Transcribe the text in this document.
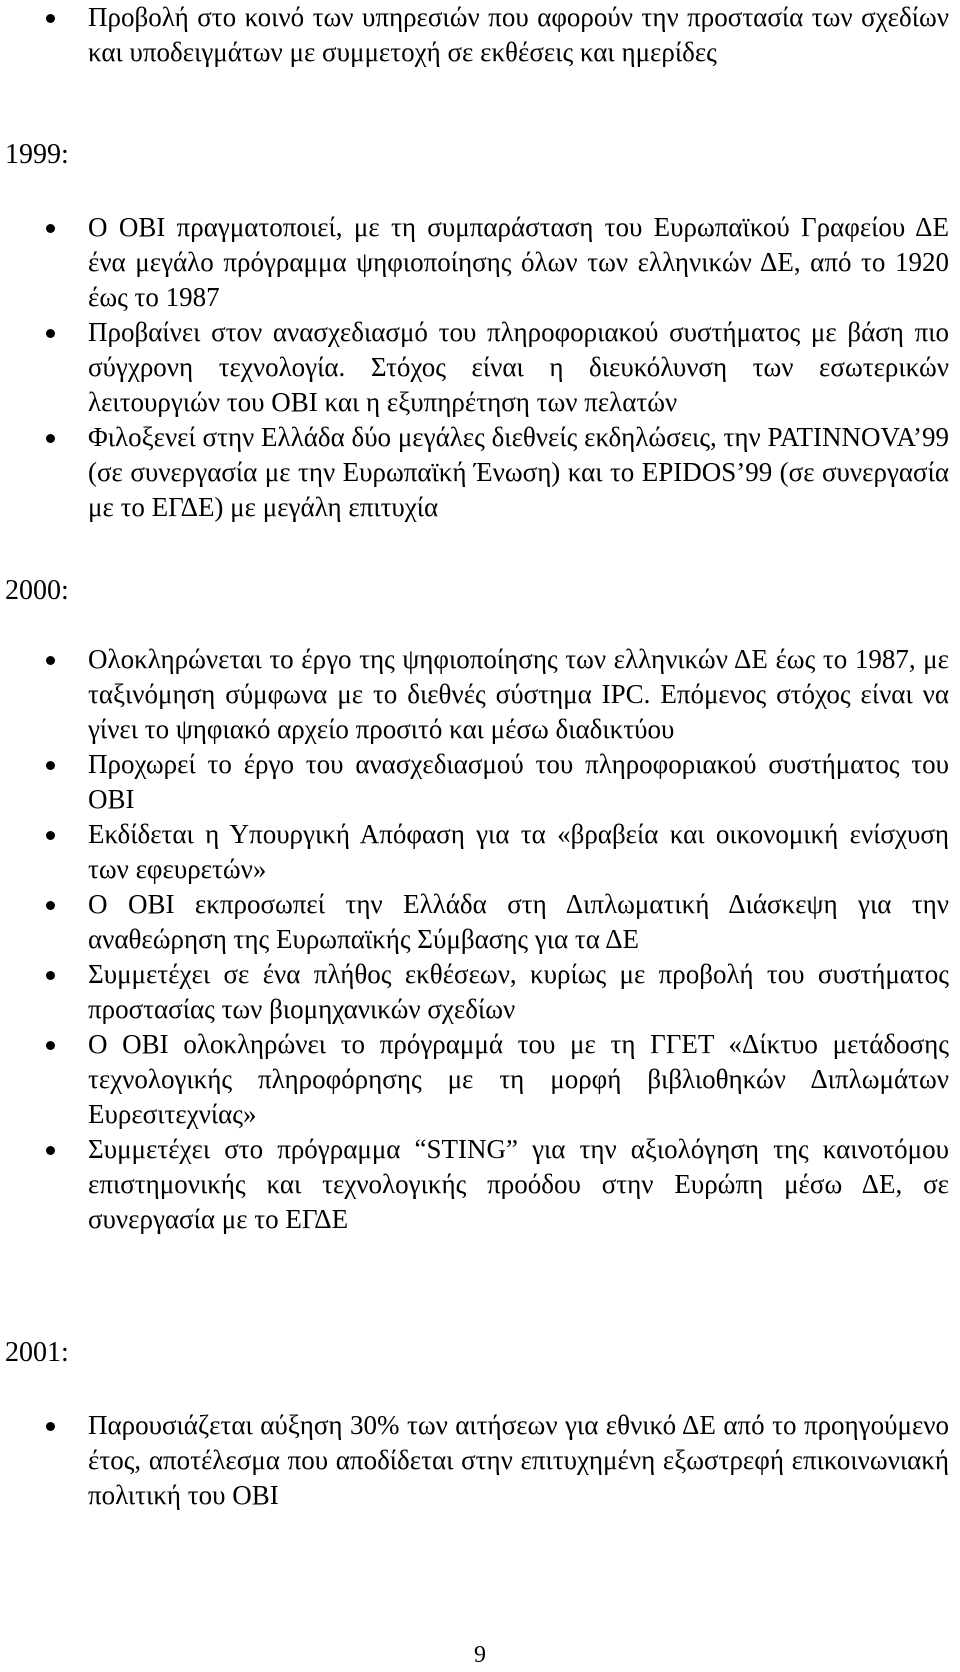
Προβολή στο κοινό των υπηρεσιών που αφορούν την προστασία των σχεδίων και υποδειγμάτων με συμμετοχή σε εκθέσεις και ημερίδες
1999:
Ο ΟΒΙ πραγματοποιεί, με τη συμπαράσταση του Ευρωπαϊκού Γραφείου ΔΕ ένα μεγάλο πρόγραμμα ψηφιοποίησης όλων των ελληνικών ΔΕ, από το 1920 έως το 1987
Προβαίνει στον ανασχεδιασμό του πληροφοριακού συστήματος με βάση πιο σύγχρονη τεχνολογία. Στόχος είναι η διευκόλυνση των εσωτερικών λειτουργιών του ΟΒΙ και η εξυπηρέτηση των πελατών
Φιλοξενεί στην Ελλάδα δύο μεγάλες διεθνείς εκδηλώσεις, την PATINNOVA’99 (σε συνεργασία με την Ευρωπαϊκή Ένωση) και το EPIDOS’99 (σε συνεργασία με το ΕΓΔΕ) με μεγάλη επιτυχία
2000:
Ολοκληρώνεται το έργο της ψηφιοποίησης των ελληνικών ΔΕ έως το 1987, με ταξινόμηση σύμφωνα με το διεθνές σύστημα IPC. Επόμενος στόχος είναι να γίνει το ψηφιακό αρχείο προσιτό και μέσω διαδικτύου
Προχωρεί το έργο του ανασχεδιασμού του πληροφοριακού συστήματος του ΟΒΙ
Εκδίδεται η Υπουργική Απόφαση για τα «βραβεία και οικονομική ενίσχυση των εφευρετών»
Ο ΟΒΙ εκπροσωπεί την Ελλάδα στη Διπλωματική Διάσκεψη για την αναθεώρηση της Ευρωπαϊκής Σύμβασης για τα ΔΕ
Συμμετέχει σε ένα πλήθος εκθέσεων, κυρίως με προβολή του συστήματος προστασίας των βιομηχανικών σχεδίων
Ο ΟΒΙ ολοκληρώνει το πρόγραμμά του με τη ΓΓΕΤ «Δίκτυο μετάδοσης τεχνολογικής πληροφόρησης με τη μορφή βιβλιοθηκών Διπλωμάτων Ευρεσιτεχνίας»
Συμμετέχει στο πρόγραμμα “STING” για την αξιολόγηση της καινοτόμου επιστημονικής και τεχνολογικής προόδου στην Ευρώπη μέσω ΔΕ, σε συνεργασία με το ΕΓΔΕ
2001:
Παρουσιάζεται αύξηση 30% των αιτήσεων για εθνικό ΔΕ από το προηγούμενο έτος, αποτέλεσμα που αποδίδεται στην επιτυχημένη εξωστρεφή επικοινωνιακή πολιτική του ΟΒΙ
9
